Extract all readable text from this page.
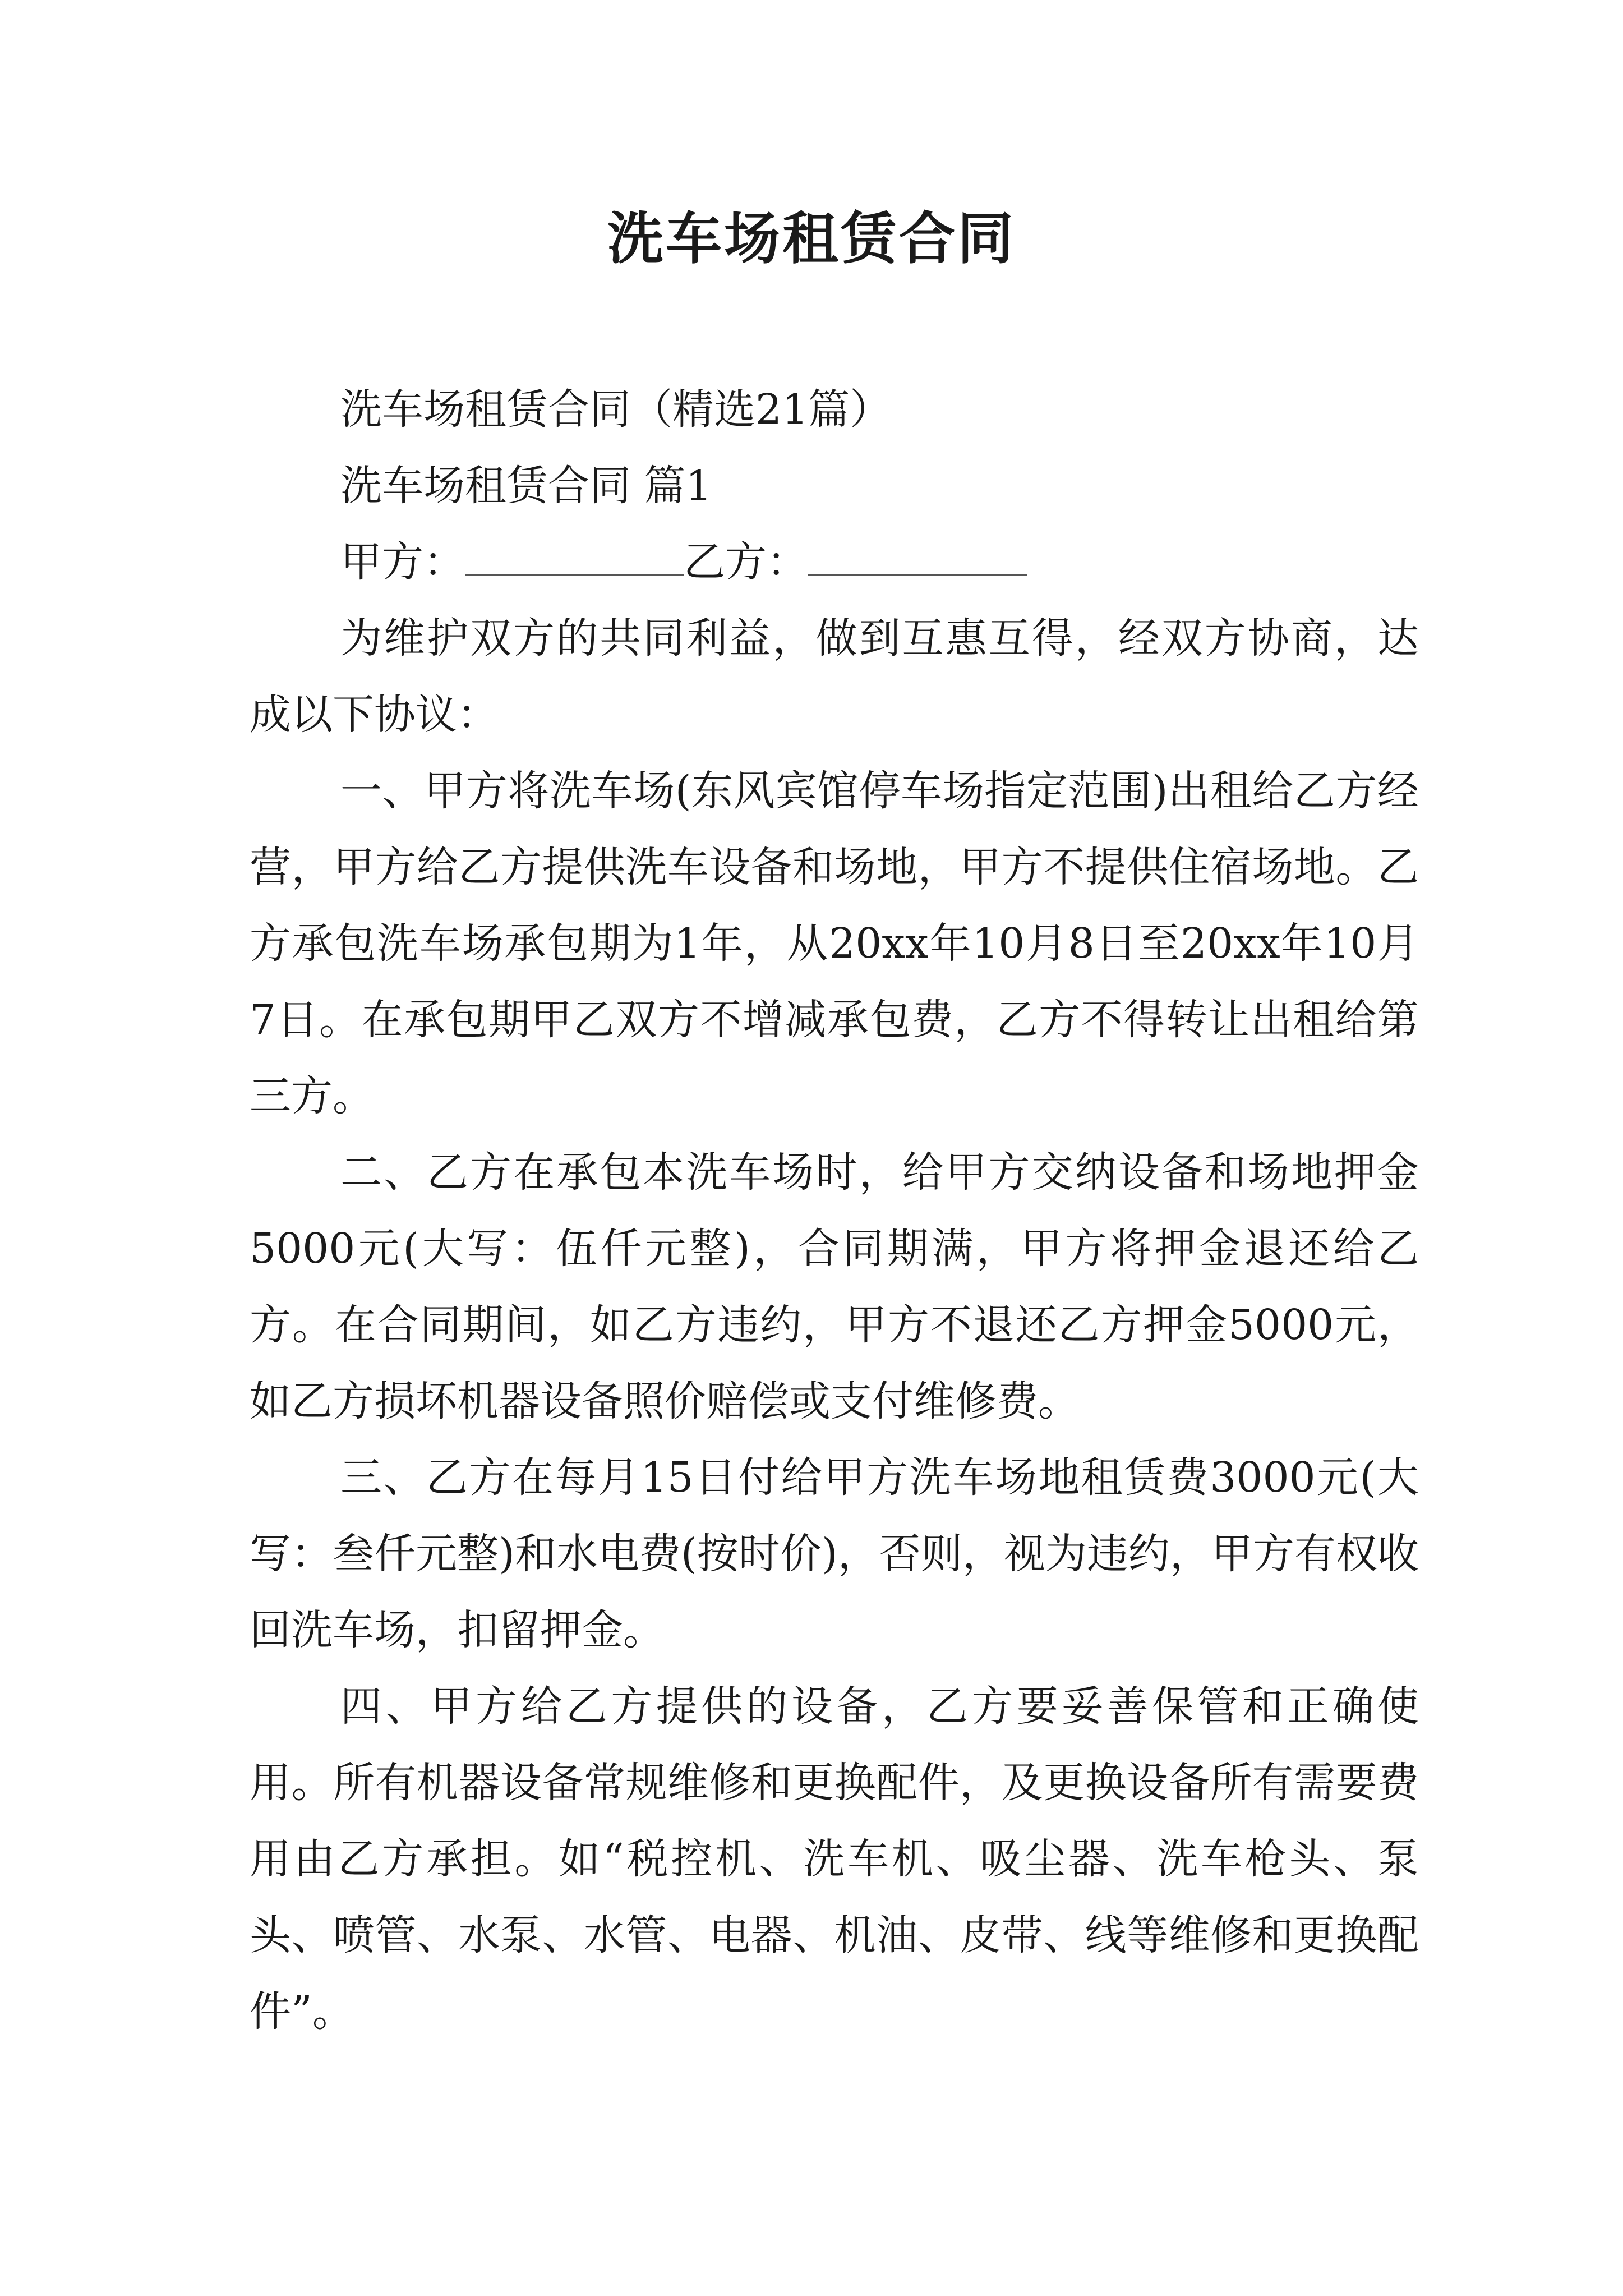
洗车场租赁合同

洗车场租赁合同（精选21篇）

洗车场租赁合同 篇1

甲方：	乙方：

为维护双方的共同利益，做到互惠互得，经双方协商，达成以下协议：

一、甲方将洗车场(东风宾馆停车场指定范围)出租给乙方经营，甲方给乙方提供洗车设备和场地，甲方不提供住宿场地。乙方承包洗车场承包期为1年，从20xx年10月8日至20xx年10月7日。在承包期甲乙双方不增减承包费，乙方不得转让出租给第三方。

二、乙方在承包本洗车场时，给甲方交纳设备和场地押金5000元(大写：伍仟元整)，合同期满，甲方将押金退还给乙方。在合同期间，如乙方违约，甲方不退还乙方押金5000元，如乙方损坏机器设备照价赔偿或支付维修费。

三、乙方在每月15日付给甲方洗车场地租赁费3000元(大写：叁仟元整)和水电费(按时价)，否则，视为违约，甲方有权收回洗车场，扣留押金。

四、甲方给乙方提供的设备，乙方要妥善保管和正确使用。所有机器设备常规维修和更换配件，及更换设备所有需要费用由乙方承担。如“税控机、洗车机、吸尘器、洗车枪头、泵头、喷管、水泵、水管、电器、机油、皮带、线等维修和更换配件”。
